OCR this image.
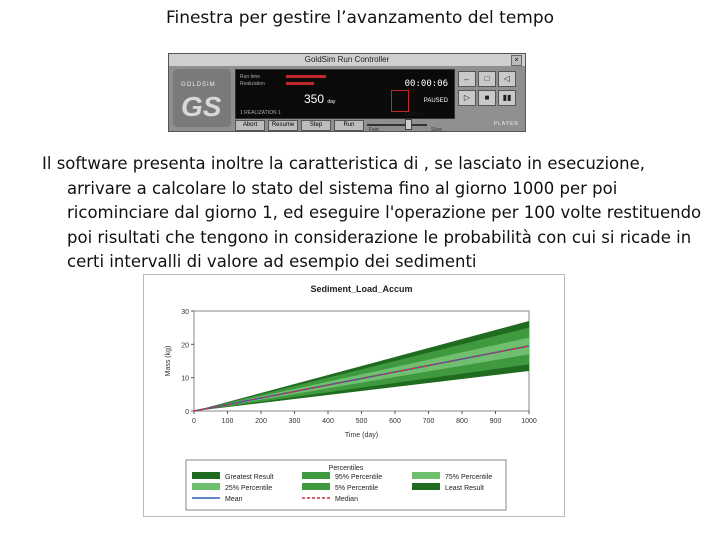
Finestra per gestire l’avanzamento del tempo
GoldSim Run Controller	×
GOLDSIM
GS
Run time
Realization
350 day
00:00:06
PAUSED
1 REALIZATION 1
Abort	Resume	Step	Run
Fast
STATUS
Slow
←	□	◁
▷	■	▮▮
PLAYER
Il software presenta inoltre la caratteristica di , se lasciato in esecuzione, arrivare a calcolare lo stato del sistema fino al giorno 1000 per poi ricominciare dal giorno 1, ed eseguire l'operazione per 100 volte restituendo poi risultati che tengono in considerazione le probabilità con cui si ricade in certi intervalli di valore ad esempio dei sedimenti
Sediment_Load_Accum
0
10
20
30
0	100	200	300	400	500	600	700	800	900	1000
Time (day)
Mass (kg)
Percentiles
Greatest Result	95% Percentile	75% Percentile
25% Percentile	5% Percentile	Least Result
Mean	Median
